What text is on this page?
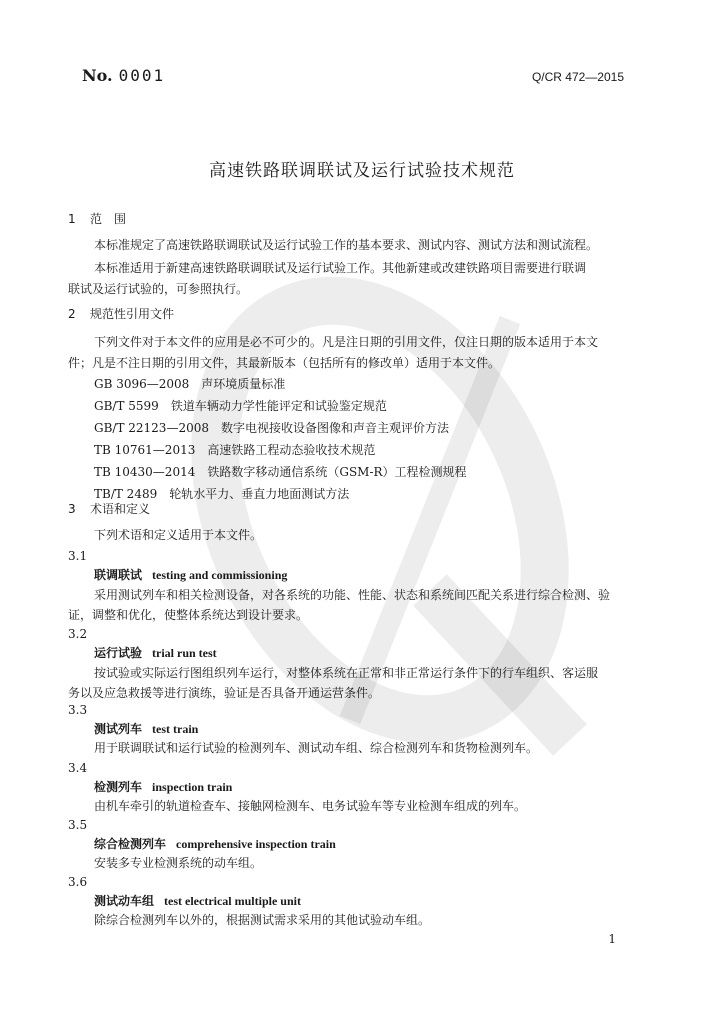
No. 0001	Q/CR 472—2015
高速铁路联调联试及运行试验技术规范
1 范　围
本标准规定了高速铁路联调联试及运行试验工作的基本要求、测试内容、测试方法和测试流程。
本标准适用于新建高速铁路联调联试及运行试验工作。其他新建或改建铁路项目需要进行联调
联试及运行试验的，可参照执行。
2 规范性引用文件
下列文件对于本文件的应用是必不可少的。凡是注日期的引用文件，仅注日期的版本适用于本文
件；凡是不注日期的引用文件，其最新版本（包括所有的修改单）适用于本文件。
GB 3096—2008 声环境质量标准
GB/T 5599 铁道车辆动力学性能评定和试验鉴定规范
GB/T 22123—2008 数字电视接收设备图像和声音主观评价方法
TB 10761—2013 高速铁路工程动态验收技术规范
TB 10430—2014 铁路数字移动通信系统（GSM-R）工程检测规程
TB/T 2489 轮轨水平力、垂直力地面测试方法
3 术语和定义
下列术语和定义适用于本文件。
3.1
联调联试 testing and commissioning
采用测试列车和相关检测设备，对各系统的功能、性能、状态和系统间匹配关系进行综合检测、验
证，调整和优化，使整体系统达到设计要求。
3.2
运行试验 trial run test
按试验或实际运行图组织列车运行，对整体系统在正常和非正常运行条件下的行车组织、客运服
务以及应急救援等进行演练，验证是否具备开通运营条件。
3.3
测试列车 test train
用于联调联试和运行试验的检测列车、测试动车组、综合检测列车和货物检测列车。
3.4
检测列车 inspection train
由机车牵引的轨道检查车、接触网检测车、电务试验车等专业检测车组成的列车。
3.5
综合检测列车 comprehensive inspection train
安装多专业检测系统的动车组。
3.6
测试动车组 test electrical multiple unit
除综合检测列车以外的，根据测试需求采用的其他试验动车组。
1
